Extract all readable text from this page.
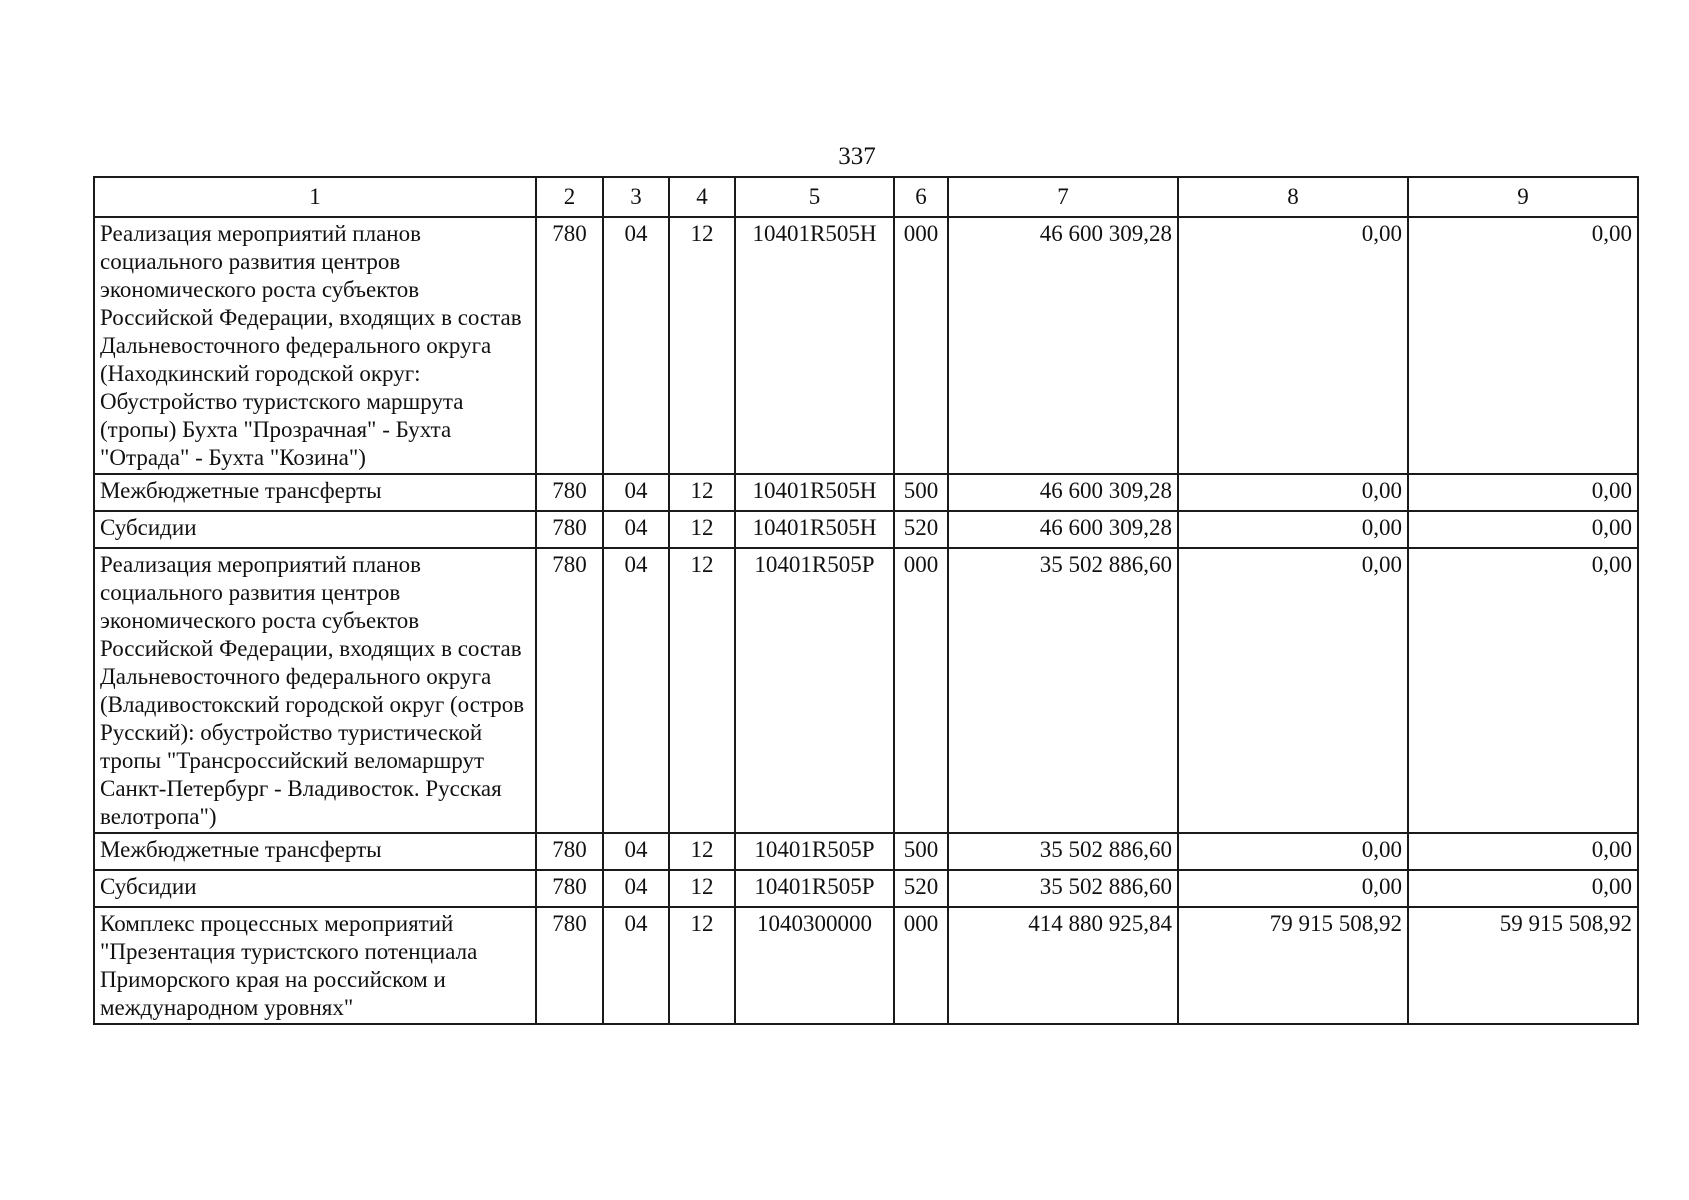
337
1	2	3	4	5	6	7	8	9
Реализация мероприятий планов социального развития центров экономического роста субъектов Российской Федерации, входящих в состав Дальневосточного федерального округа (Находкинский городской округ: Обустройство туристского маршрута (тропы) Бухта "Прозрачная" - Бухта "Отрада" - Бухта "Козина")	780	04	12	10401R505H	000	46 600 309,28	0,00	0,00
Межбюджетные трансферты	780	04	12	10401R505H	500	46 600 309,28	0,00	0,00
Субсидии	780	04	12	10401R505H	520	46 600 309,28	0,00	0,00
Реализация мероприятий планов социального развития центров экономического роста субъектов Российской Федерации, входящих в состав Дальневосточного федерального округа (Владивостокский городской округ (остров Русский): обустройство туристической тропы "Трансроссийский веломаршрут Санкт-Петербург - Владивосток. Русская велотропа")	780	04	12	10401R505P	000	35 502 886,60	0,00	0,00
Межбюджетные трансферты	780	04	12	10401R505P	500	35 502 886,60	0,00	0,00
Субсидии	780	04	12	10401R505P	520	35 502 886,60	0,00	0,00
Комплекс процессных мероприятий "Презентация туристского потенциала Приморского края на российском и международном уровнях"	780	04	12	1040300000	000	414 880 925,84	79 915 508,92	59 915 508,92
